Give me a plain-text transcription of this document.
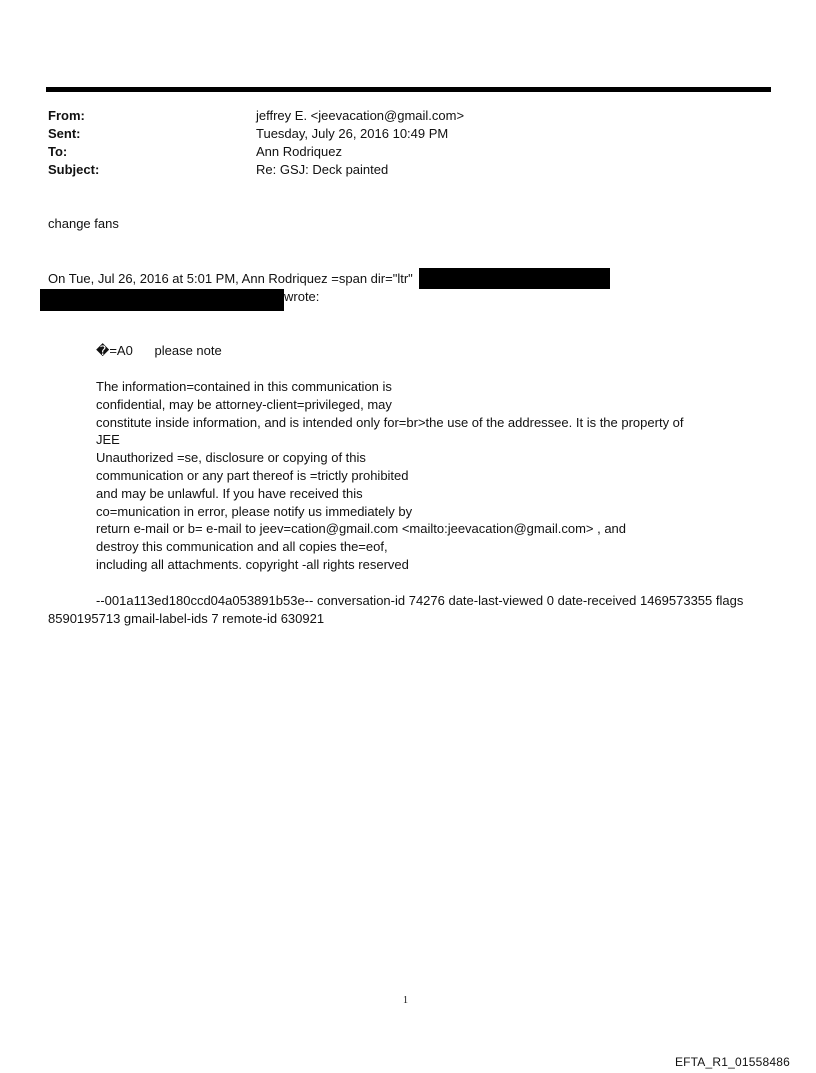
From:	jeffrey E. <jeevacation@gmail.com>
Sent:	Tuesday, July 26, 2016 10:49 PM
To:	Ann Rodriquez
Subject:	Re: GSJ: Deck painted
change fans
On Tue, Jul 26, 2016 at 5:01 PM, Ann Rodriquez =span dir="ltr"
wrote:
�=A0      please note
The information=contained in this communication is
confidential, may be attorney-client=privileged, may
constitute inside information, and is intended only for=br>the use of the addressee. It is the property of
JEE
Unauthorized =se, disclosure or copying of this
communication or any part thereof is =trictly prohibited
and may be unlawful. If you have received this
co=munication in error, please notify us immediately by
return e-mail or b= e-mail to jeev=cation@gmail.com <mailto:jeevacation@gmail.com> , and
destroy this communication and all copies the=eof,
including all attachments. copyright -all rights reserved
--001a113ed180ccd04a053891b53e-- conversation-id 74276 date-last-viewed 0 date-received 1469573355 flags
8590195713 gmail-label-ids 7 remote-id 630921
1
EFTA_R1_01558486
